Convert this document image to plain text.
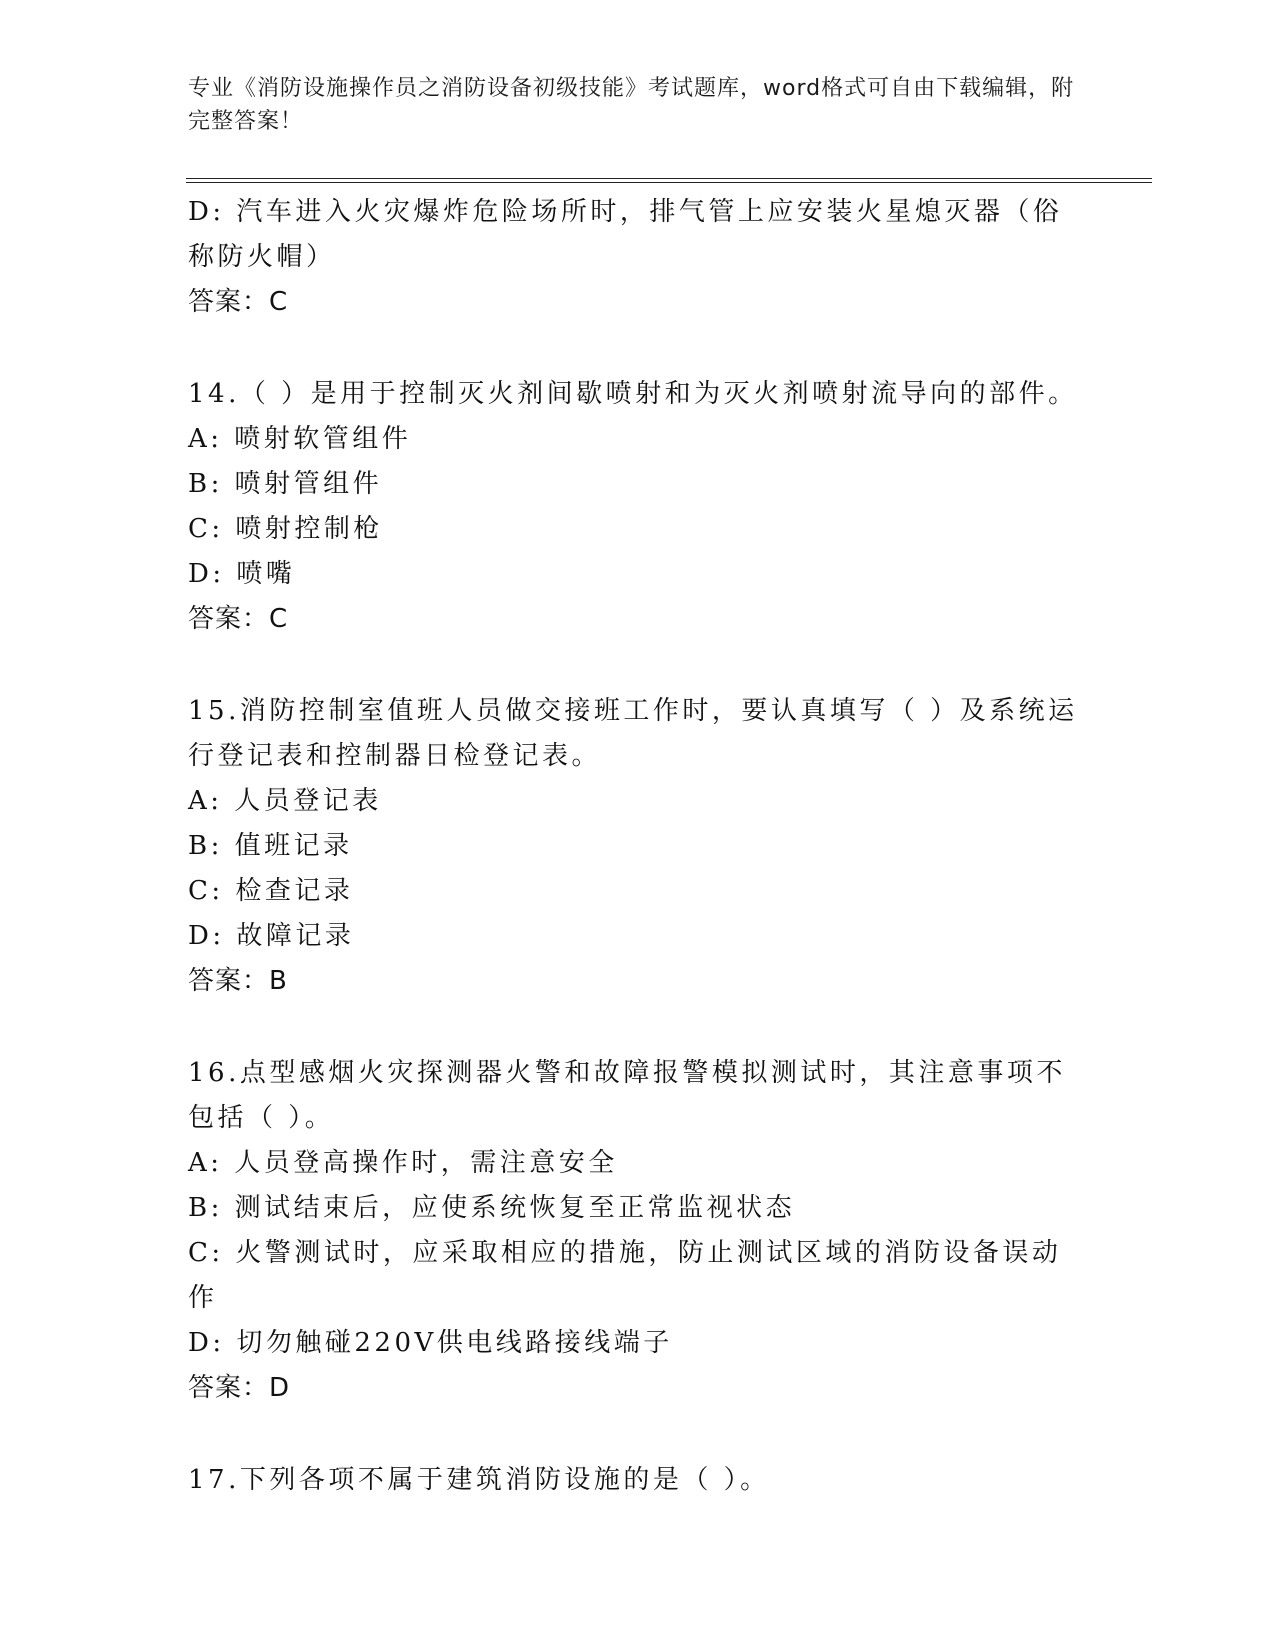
专业《消防设施操作员之消防设备初级技能》考试题库，word格式可自由下载编辑，附完整答案！

D: 汽车进入火灾爆炸危险场所时，排气管上应安装火星熄灭器（俗称防火帽）

答案：C

14.（ ）是用于控制灭火剂间歇喷射和为灭火剂喷射流导向的部件。

A: 喷射软管组件

B: 喷射管组件

C: 喷射控制枪

D: 喷嘴

答案：C

15.消防控制室值班人员做交接班工作时，要认真填写（ ）及系统运行登记表和控制器日检登记表。

A: 人员登记表

B: 值班记录

C: 检查记录

D: 故障记录

答案：B

16.点型感烟火灾探测器火警和故障报警模拟测试时，其注意事项不包括（ ）。

A: 人员登高操作时，需注意安全

B: 测试结束后，应使系统恢复至正常监视状态

C: 火警测试时，应采取相应的措施，防止测试区域的消防设备误动作

D: 切勿触碰220V供电线路接线端子

答案：D

17.下列各项不属于建筑消防设施的是（ ）。
